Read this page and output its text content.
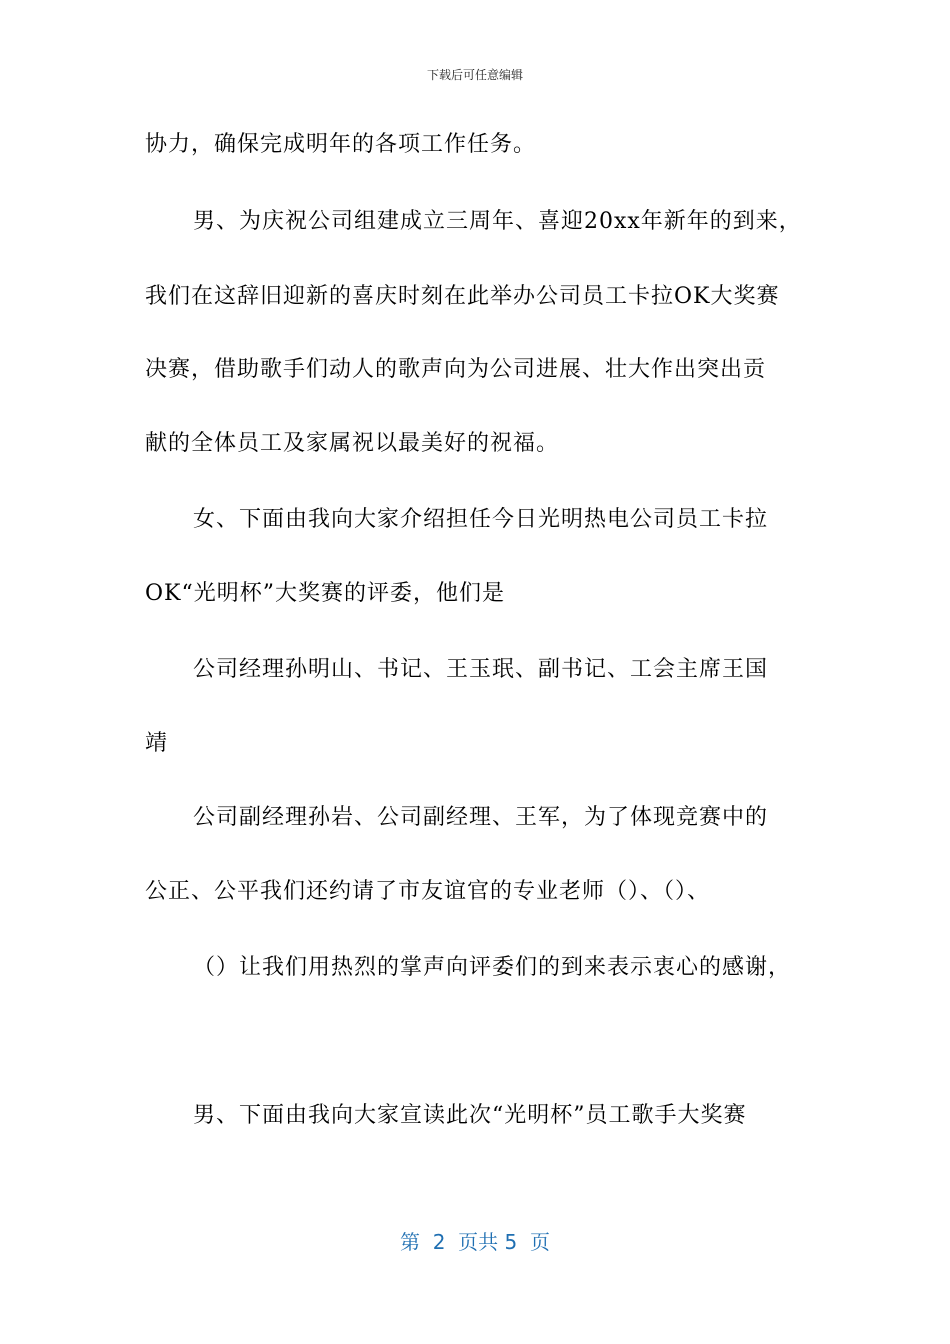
下载后可任意编辑
协力，确保完成明年的各项工作任务。
男、为庆祝公司组建成立三周年、喜迎20xx年新年的到来，
我们在这辞旧迎新的喜庆时刻在此举办公司员工卡拉OK大奖赛
决赛，借助歌手们动人的歌声向为公司进展、壮大作出突出贡
献的全体员工及家属祝以最美好的祝福。
女、下面由我向大家介绍担任今日光明热电公司员工卡拉
OK“光明杯”大奖赛的评委，他们是
公司经理孙明山、书记、王玉珉、副书记、工会主席王国
靖
公司副经理孙岩、公司副经理、王军，为了体现竞赛中的
公正、公平我们还约请了市友谊官的专业老师（）、（）、
（）让我们用热烈的掌声向评委们的到来表示衷心的感谢，
男、下面由我向大家宣读此次“光明杯”员工歌手大奖赛
第  2  页共 5  页
